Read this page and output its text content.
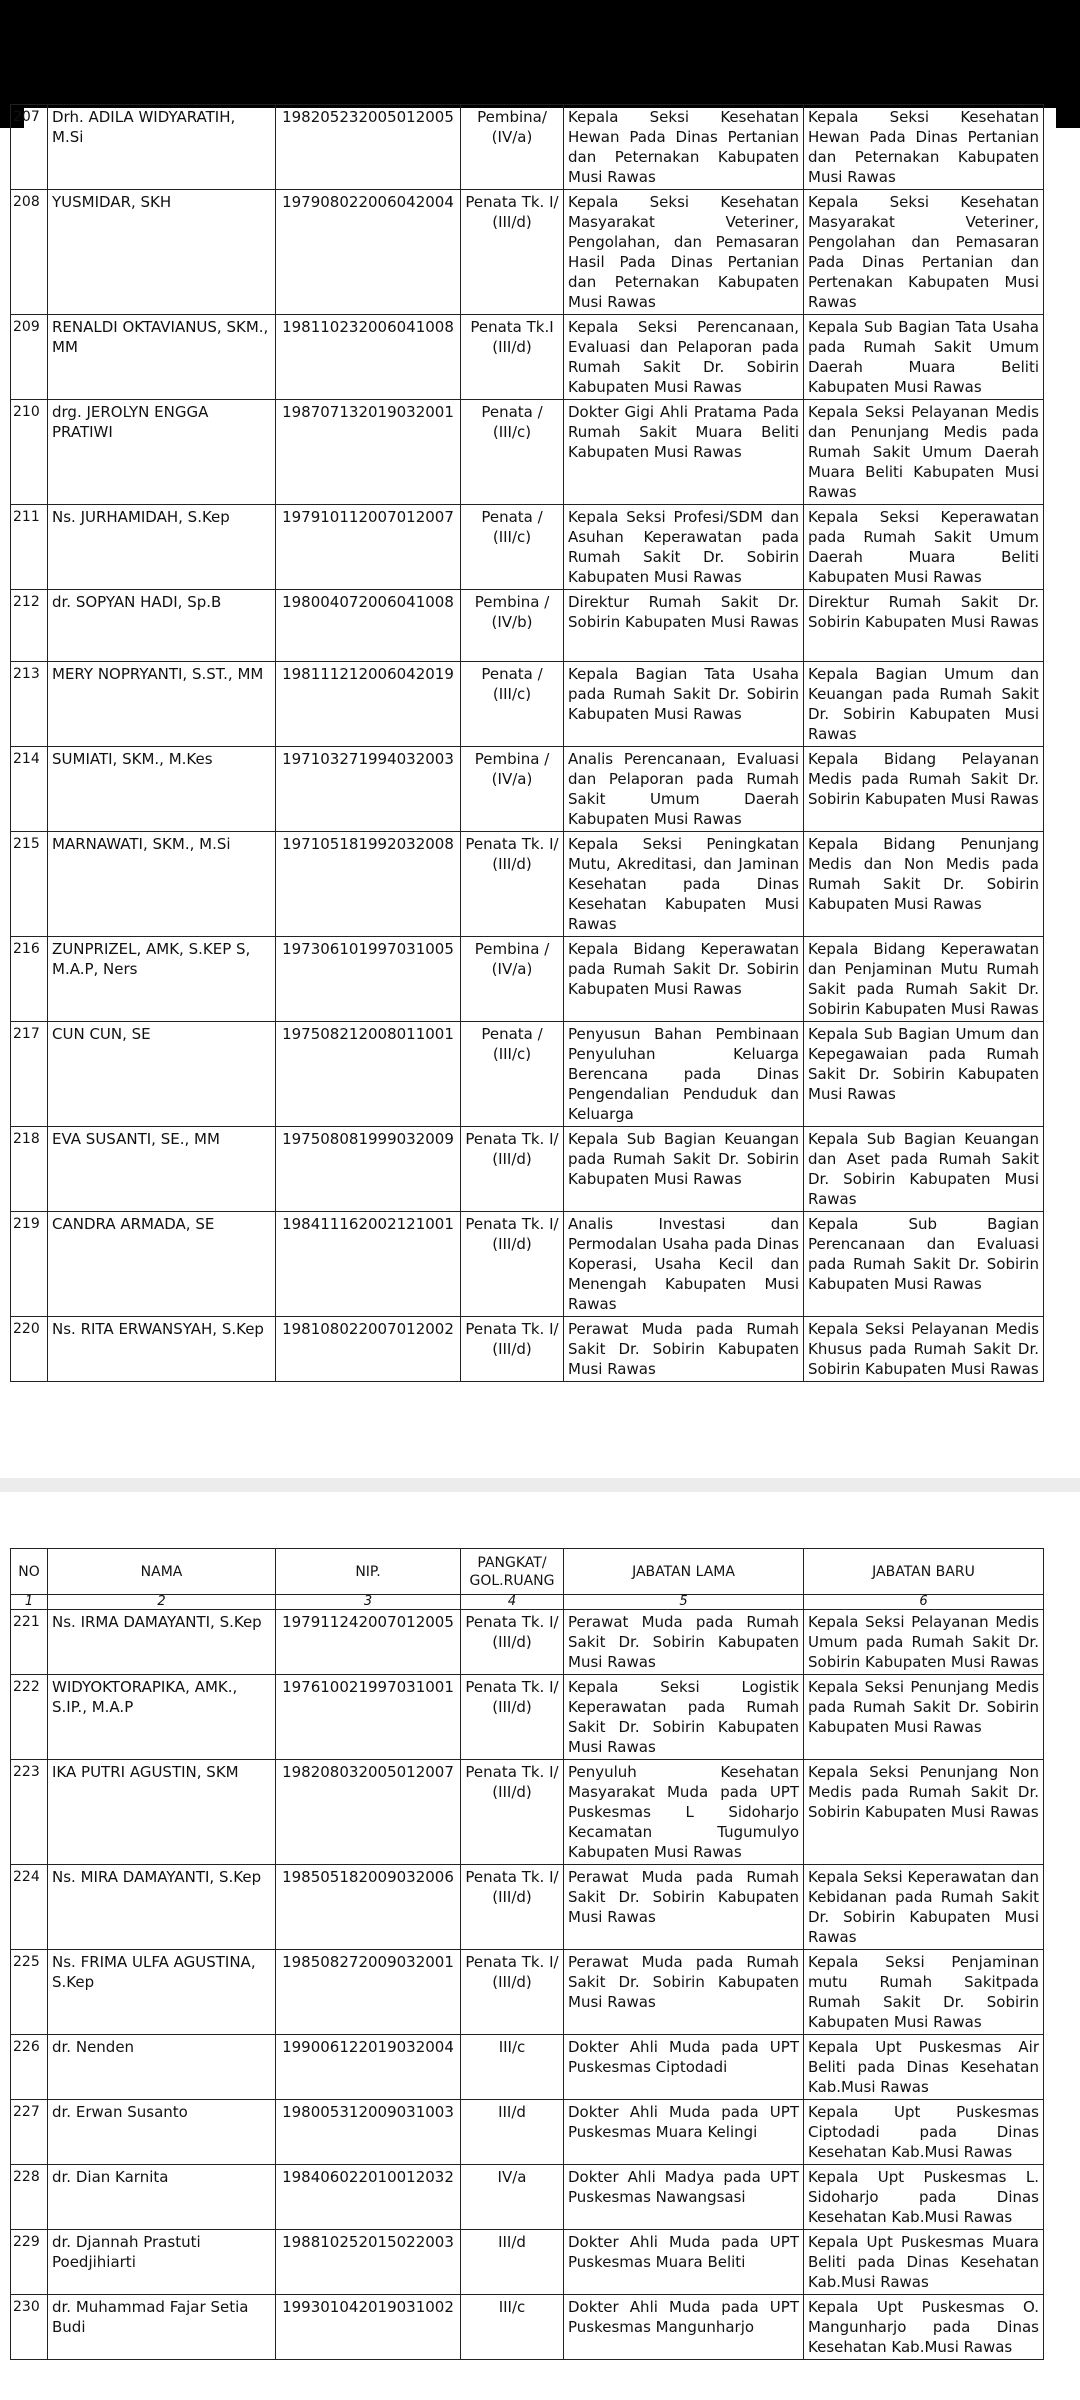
207	Drh. ADILA WIDYARATIH, M.Si	198205232005012005	Pembina/ (IV/a)	Kepala Seksi Kesehatan Hewan Pada Dinas Pertanian dan Peternakan Kabupaten Musi Rawas	Kepala Seksi Kesehatan Hewan Pada Dinas Pertanian dan Peternakan Kabupaten Musi Rawas
208	YUSMIDAR, SKH	197908022006042004	Penata Tk. I/ (III/d)	Kepala Seksi Kesehatan Masyarakat Veteriner, Pengolahan, dan Pemasaran Hasil Pada Dinas Pertanian dan Peternakan Kabupaten Musi Rawas	Kepala Seksi Kesehatan Masyarakat Veteriner, Pengolahan dan Pemasaran Pada Dinas Pertanian dan Pertenakan Kabupaten Musi Rawas
209	RENALDI OKTAVIANUS, SKM., MM	198110232006041008	Penata Tk.I (III/d)	Kepala Seksi Perencanaan, Evaluasi dan Pelaporan pada Rumah Sakit Dr. Sobirin Kabupaten Musi Rawas	Kepala Sub Bagian Tata Usaha pada Rumah Sakit Umum Daerah Muara Beliti Kabupaten Musi Rawas
210	drg. JEROLYN ENGGA PRATIWI	198707132019032001	Penata / (III/c)	Dokter Gigi Ahli Pratama Pada Rumah Sakit Muara Beliti Kabupaten Musi Rawas	Kepala Seksi Pelayanan Medis dan Penunjang Medis pada Rumah Sakit Umum Daerah Muara Beliti Kabupaten Musi Rawas
211	Ns. JURHAMIDAH, S.Kep	197910112007012007	Penata / (III/c)	Kepala Seksi Profesi/SDM dan Asuhan Keperawatan pada Rumah Sakit Dr. Sobirin Kabupaten Musi Rawas	Kepala Seksi Keperawatan pada Rumah Sakit Umum Daerah Muara Beliti Kabupaten Musi Rawas
212	dr. SOPYAN HADI, Sp.B	198004072006041008	Pembina / (IV/b)	Direktur Rumah Sakit Dr. Sobirin Kabupaten Musi Rawas	Direktur Rumah Sakit Dr. Sobirin Kabupaten Musi Rawas
213	MERY NOPRYANTI, S.ST., MM	198111212006042019	Penata / (III/c)	Kepala Bagian Tata Usaha pada Rumah Sakit Dr. Sobirin Kabupaten Musi Rawas	Kepala Bagian Umum dan Keuangan pada Rumah Sakit Dr. Sobirin Kabupaten Musi Rawas
214	SUMIATI, SKM., M.Kes	197103271994032003	Pembina / (IV/a)	Analis Perencanaan, Evaluasi dan Pelaporan pada Rumah Sakit Umum Daerah Kabupaten Musi Rawas	Kepala Bidang Pelayanan Medis pada Rumah Sakit Dr. Sobirin Kabupaten Musi Rawas
215	MARNAWATI, SKM., M.Si	197105181992032008	Penata Tk. I/ (III/d)	Kepala Seksi Peningkatan Mutu, Akreditasi, dan Jaminan Kesehatan pada Dinas Kesehatan Kabupaten Musi Rawas	Kepala Bidang Penunjang Medis dan Non Medis pada Rumah Sakit Dr. Sobirin Kabupaten Musi Rawas
216	ZUNPRIZEL, AMK, S.KEP S, M.A.P, Ners	197306101997031005	Pembina / (IV/a)	Kepala Bidang Keperawatan pada Rumah Sakit Dr. Sobirin Kabupaten Musi Rawas	Kepala Bidang Keperawatan dan Penjaminan Mutu Rumah Sakit pada Rumah Sakit Dr. Sobirin Kabupaten Musi Rawas
217	CUN CUN, SE	197508212008011001	Penata / (III/c)	Penyusun Bahan Pembinaan Penyuluhan Keluarga Berencana pada Dinas Pengendalian Penduduk dan Keluarga	Kepala Sub Bagian Umum dan Kepegawaian pada Rumah Sakit Dr. Sobirin Kabupaten Musi Rawas
218	EVA SUSANTI, SE., MM	197508081999032009	Penata Tk. I/ (III/d)	Kepala Sub Bagian Keuangan pada Rumah Sakit Dr. Sobirin Kabupaten Musi Rawas	Kepala Sub Bagian Keuangan dan Aset pada Rumah Sakit Dr. Sobirin Kabupaten Musi Rawas
219	CANDRA ARMADA, SE	198411162002121001	Penata Tk. I/ (III/d)	Analis Investasi dan Permodalan Usaha pada Dinas Koperasi, Usaha Kecil dan Menengah Kabupaten Musi Rawas	Kepala Sub Bagian Perencanaan dan Evaluasi pada Rumah Sakit Dr. Sobirin Kabupaten Musi Rawas
220	Ns. RITA ERWANSYAH, S.Kep	198108022007012002	Penata Tk. I/ (III/d)	Perawat Muda pada Rumah Sakit Dr. Sobirin Kabupaten Musi Rawas	Kepala Seksi Pelayanan Medis Khusus pada Rumah Sakit Dr. Sobirin Kabupaten Musi Rawas
NO	NAMA	NIP.	PANGKAT/ GOL.RUANG	JABATAN LAMA	JABATAN BARU
1	2	3	4	5	6
221	Ns. IRMA DAMAYANTI, S.Kep	197911242007012005	Penata Tk. I/ (III/d)	Perawat Muda pada Rumah Sakit Dr. Sobirin Kabupaten Musi Rawas	Kepala Seksi Pelayanan Medis Umum pada Rumah Sakit Dr. Sobirin Kabupaten Musi Rawas
222	WIDYOKTORAPIKA, AMK., S.IP., M.A.P	197610021997031001	Penata Tk. I/ (III/d)	Kepala Seksi Logistik Keperawatan pada Rumah Sakit Dr. Sobirin Kabupaten Musi Rawas	Kepala Seksi Penunjang Medis pada Rumah Sakit Dr. Sobirin Kabupaten Musi Rawas
223	IKA PUTRI AGUSTIN, SKM	198208032005012007	Penata Tk. I/ (III/d)	Penyuluh Kesehatan Masyarakat Muda pada UPT Puskesmas L Sidoharjo Kecamatan Tugumulyo Kabupaten Musi Rawas	Kepala Seksi Penunjang Non Medis pada Rumah Sakit Dr. Sobirin Kabupaten Musi Rawas
224	Ns. MIRA DAMAYANTI, S.Kep	198505182009032006	Penata Tk. I/ (III/d)	Perawat Muda pada Rumah Sakit Dr. Sobirin Kabupaten Musi Rawas	Kepala Seksi Keperawatan dan Kebidanan pada Rumah Sakit Dr. Sobirin Kabupaten Musi Rawas
225	Ns. FRIMA ULFA AGUSTINA, S.Kep	198508272009032001	Penata Tk. I/ (III/d)	Perawat Muda pada Rumah Sakit Dr. Sobirin Kabupaten Musi Rawas	Kepala Seksi Penjaminan mutu Rumah Sakitpada Rumah Sakit Dr. Sobirin Kabupaten Musi Rawas
226	dr. Nenden	199006122019032004	III/c	Dokter Ahli Muda pada UPT Puskesmas Ciptodadi	Kepala Upt Puskesmas Air Beliti pada Dinas Kesehatan Kab.Musi Rawas
227	dr. Erwan Susanto	198005312009031003	III/d	Dokter Ahli Muda pada UPT Puskesmas Muara Kelingi	Kepala Upt Puskesmas Ciptodadi pada Dinas Kesehatan Kab.Musi Rawas
228	dr. Dian Karnita	198406022010012032	IV/a	Dokter Ahli Madya pada UPT Puskesmas Nawangsasi	Kepala Upt Puskesmas L. Sidoharjo pada Dinas Kesehatan Kab.Musi Rawas
229	dr. Djannah Prastuti Poedjihiarti	198810252015022003	III/d	Dokter Ahli Muda pada UPT Puskesmas Muara Beliti	Kepala Upt Puskesmas Muara Beliti pada Dinas Kesehatan Kab.Musi Rawas
230	dr. Muhammad Fajar Setia Budi	199301042019031002	III/c	Dokter Ahli Muda pada UPT Puskesmas Mangunharjo	Kepala Upt Puskesmas O. Mangunharjo pada Dinas Kesehatan Kab.Musi Rawas
